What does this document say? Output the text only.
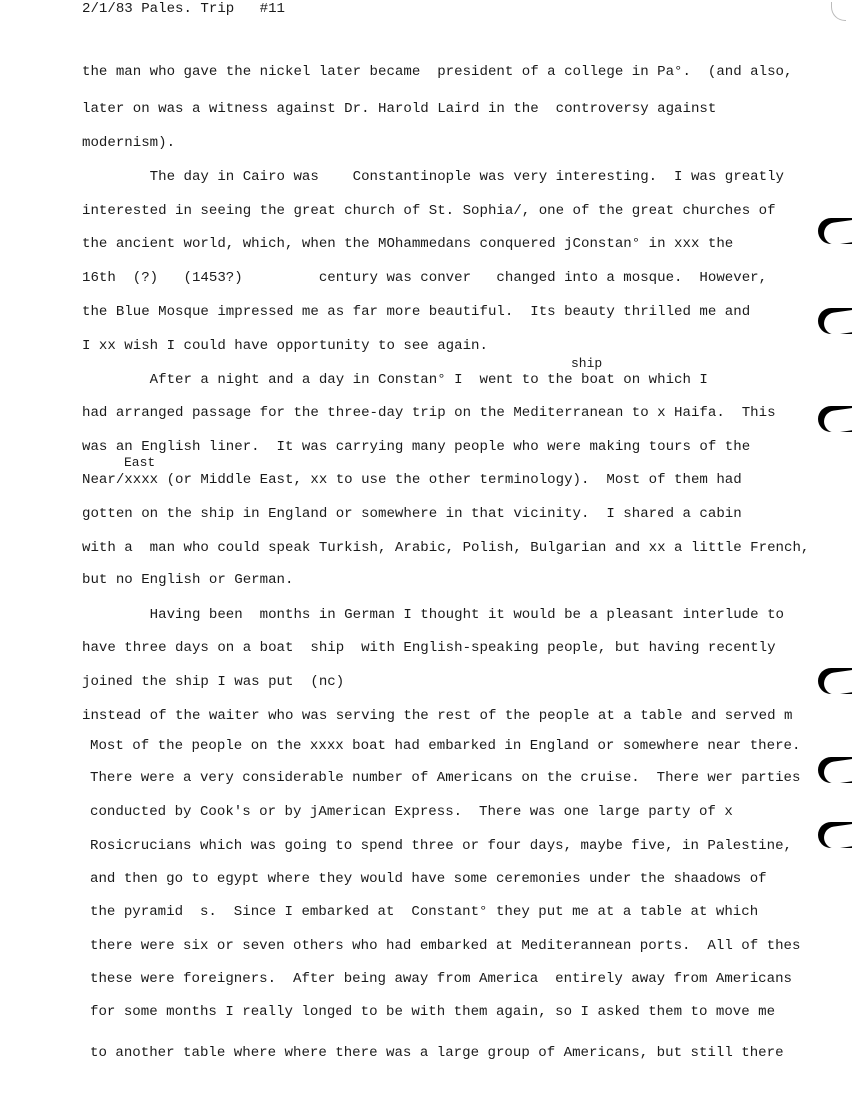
2/1/83 Pales. Trip   #11
the man who gave the nickel later became  president of a college in Pa°.  (and also,
later on was a witness against Dr. Harold Laird in the  controversy against
modernism).
The day in Cairo was    Constantinople was very interesting.  I was greatly
interested in seeing the great church of St. Sophia/, one of the great churches of
the ancient world, which, when the MOhammedans conquered jConstan° in xxx the
16th  (?)   (1453?)         century was conver   changed into a mosque.  However,
the Blue Mosque impressed me as far more beautiful.  Its beauty thrilled me and
I xx wish I could have opportunity to see again.
ship
After a night and a day in Constan° I  went to the boat on which I
had arranged passage for the three-day trip on the Mediterranean to x Haifa.  This
was an English liner.  It was carrying many people who were making tours of the
East
Near/xxxx (or Middle East, xx to use the other terminology).  Most of them had
gotten on the ship in England or somewhere in that vicinity.  I shared a cabin
with a  man who could speak Turkish, Arabic, Polish, Bulgarian and xx a little French,
but no English or German.
Having been  months in German I thought it would be a pleasant interlude to
have three days on a boat  ship  with English-speaking people, but having recently
joined the ship I was put  (nc)
instead of the waiter who was serving the rest of the people at a table and served m
Most of the people on the xxxx boat had embarked in England or somewhere near there.
There were a very considerable number of Americans on the cruise.  There wer parties
conducted by Cook's or by jAmerican Express.  There was one large party of x
Rosicrucians which was going to spend three or four days, maybe five, in Palestine,
and then go to egypt where they would have some ceremonies under the shaadows of
the pyramid  s.  Since I embarked at  Constant° they put me at a table at which
there were six or seven others who had embarked at Mediterannean ports.  All of thes
these were foreigners.  After being away from America  entirely away from Americans
for some months I really longed to be with them again, so I asked them to move me
to another table where where there was a large group of Americans, but still there
